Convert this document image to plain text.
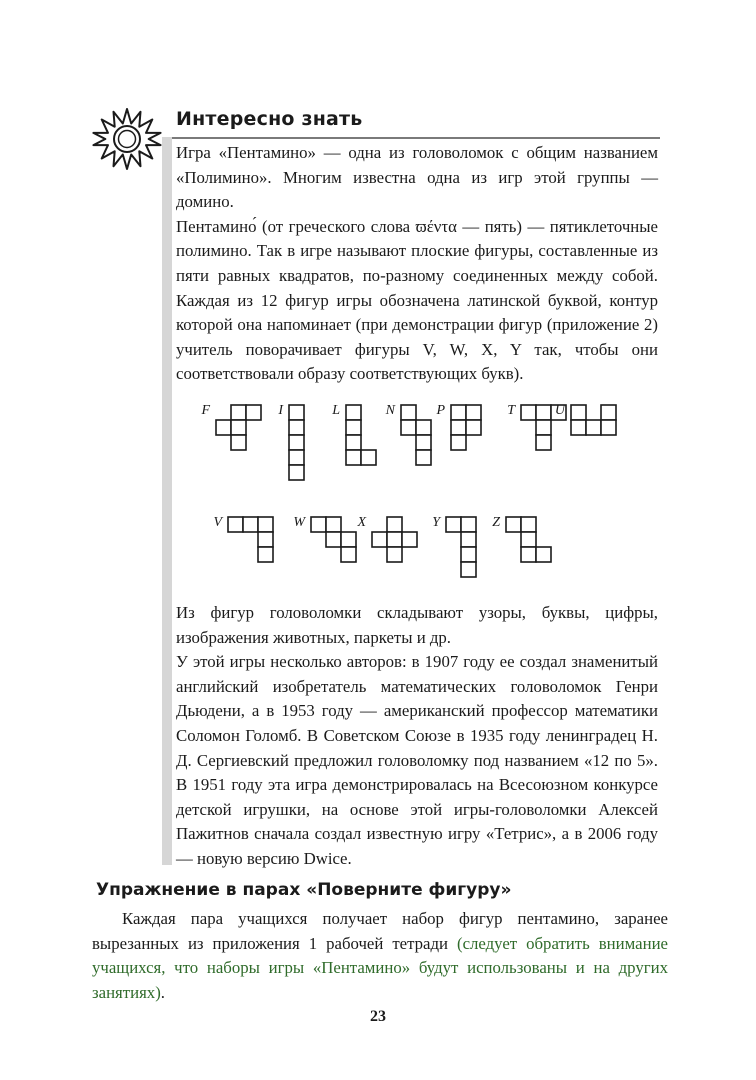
Интересно знать

Игра «Пентамино» — одна из головоломок с общим названием «Полимино». Многим известна одна из игр этой группы — домино.

Пентамино́ (от греческого слова ϖέντα — пять) — пятиклеточные полимино. Так в игре называют плоские фигуры, составленные из пяти равных квадратов, по-разному соединенных между собой. Каждая из 12 фигур игры обозначена латинской буквой, контур которой она напоминает (при демонстрации фигур (приложение 2) учитель поворачивает фигуры V, W, X, Y так, чтобы они соответствовали образу соответствующих букв).

F	I	L	N	P	T	U
V	W	X	Y	Z

Из фигур головоломки складывают узоры, буквы, цифры, изображения животных, паркеты и др.

У этой игры несколько авторов: в 1907 году ее создал знаменитый английский изобретатель математических головоломок Генри Дьюдени, а в 1953 году — американский профессор математики Соломон Голомб. В Советском Союзе в 1935 году ленинградец Н. Д. Сергиевский предложил головоломку под названием «12 по 5». В 1951 году эта игра демонстрировалась на Всесоюзном конкурсе детской игрушки, на основе этой игры-головоломки Алексей Пажитнов сначала создал известную игру «Тетрис», а в 2006 году — новую версию Dwice.

Упражнение в парах «Поверните фигуру»

Каждая пара учащихся получает набор фигур пентамино, заранее вырезанных из приложения 1 рабочей тетради (следует обратить внимание учащихся, что наборы игры «Пентамино» будут использованы и на других занятиях).

23
